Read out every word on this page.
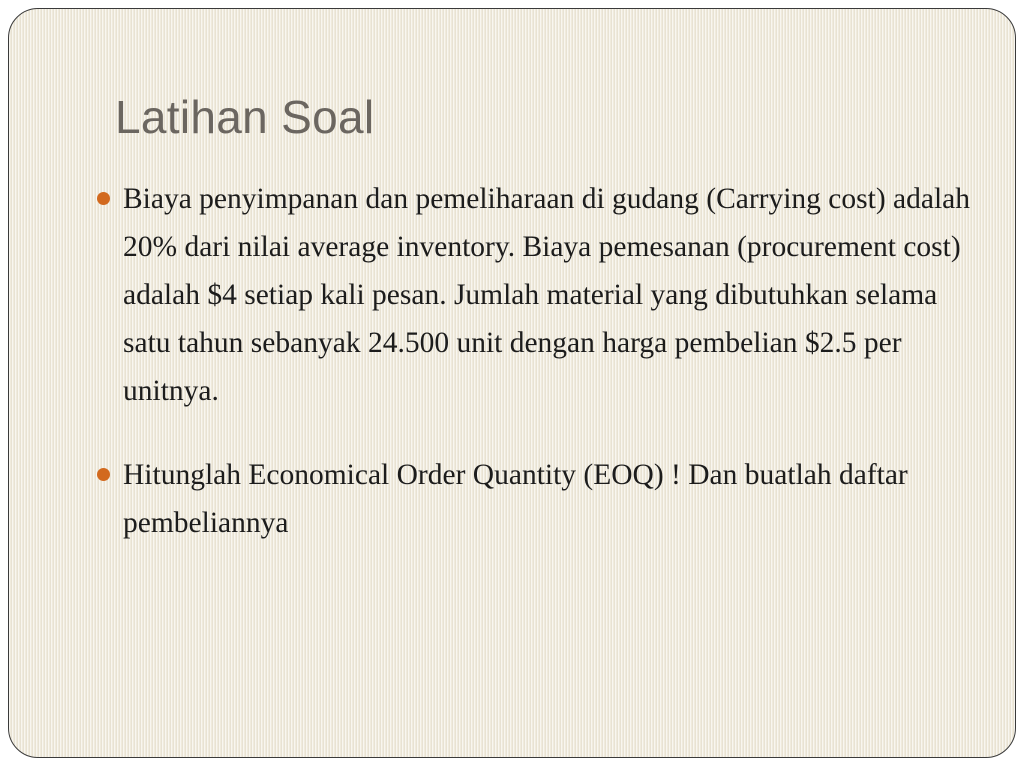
Latihan Soal
Biaya penyimpanan dan pemeliharaan di gudang (Carrying cost) adalah 20% dari nilai average inventory. Biaya pemesanan (procurement cost) adalah $4 setiap kali pesan. Jumlah material yang dibutuhkan selama satu tahun sebanyak 24.500 unit dengan harga pembelian $2.5 per unitnya.
Hitunglah Economical Order Quantity (EOQ) ! Dan buatlah daftar pembeliannya
